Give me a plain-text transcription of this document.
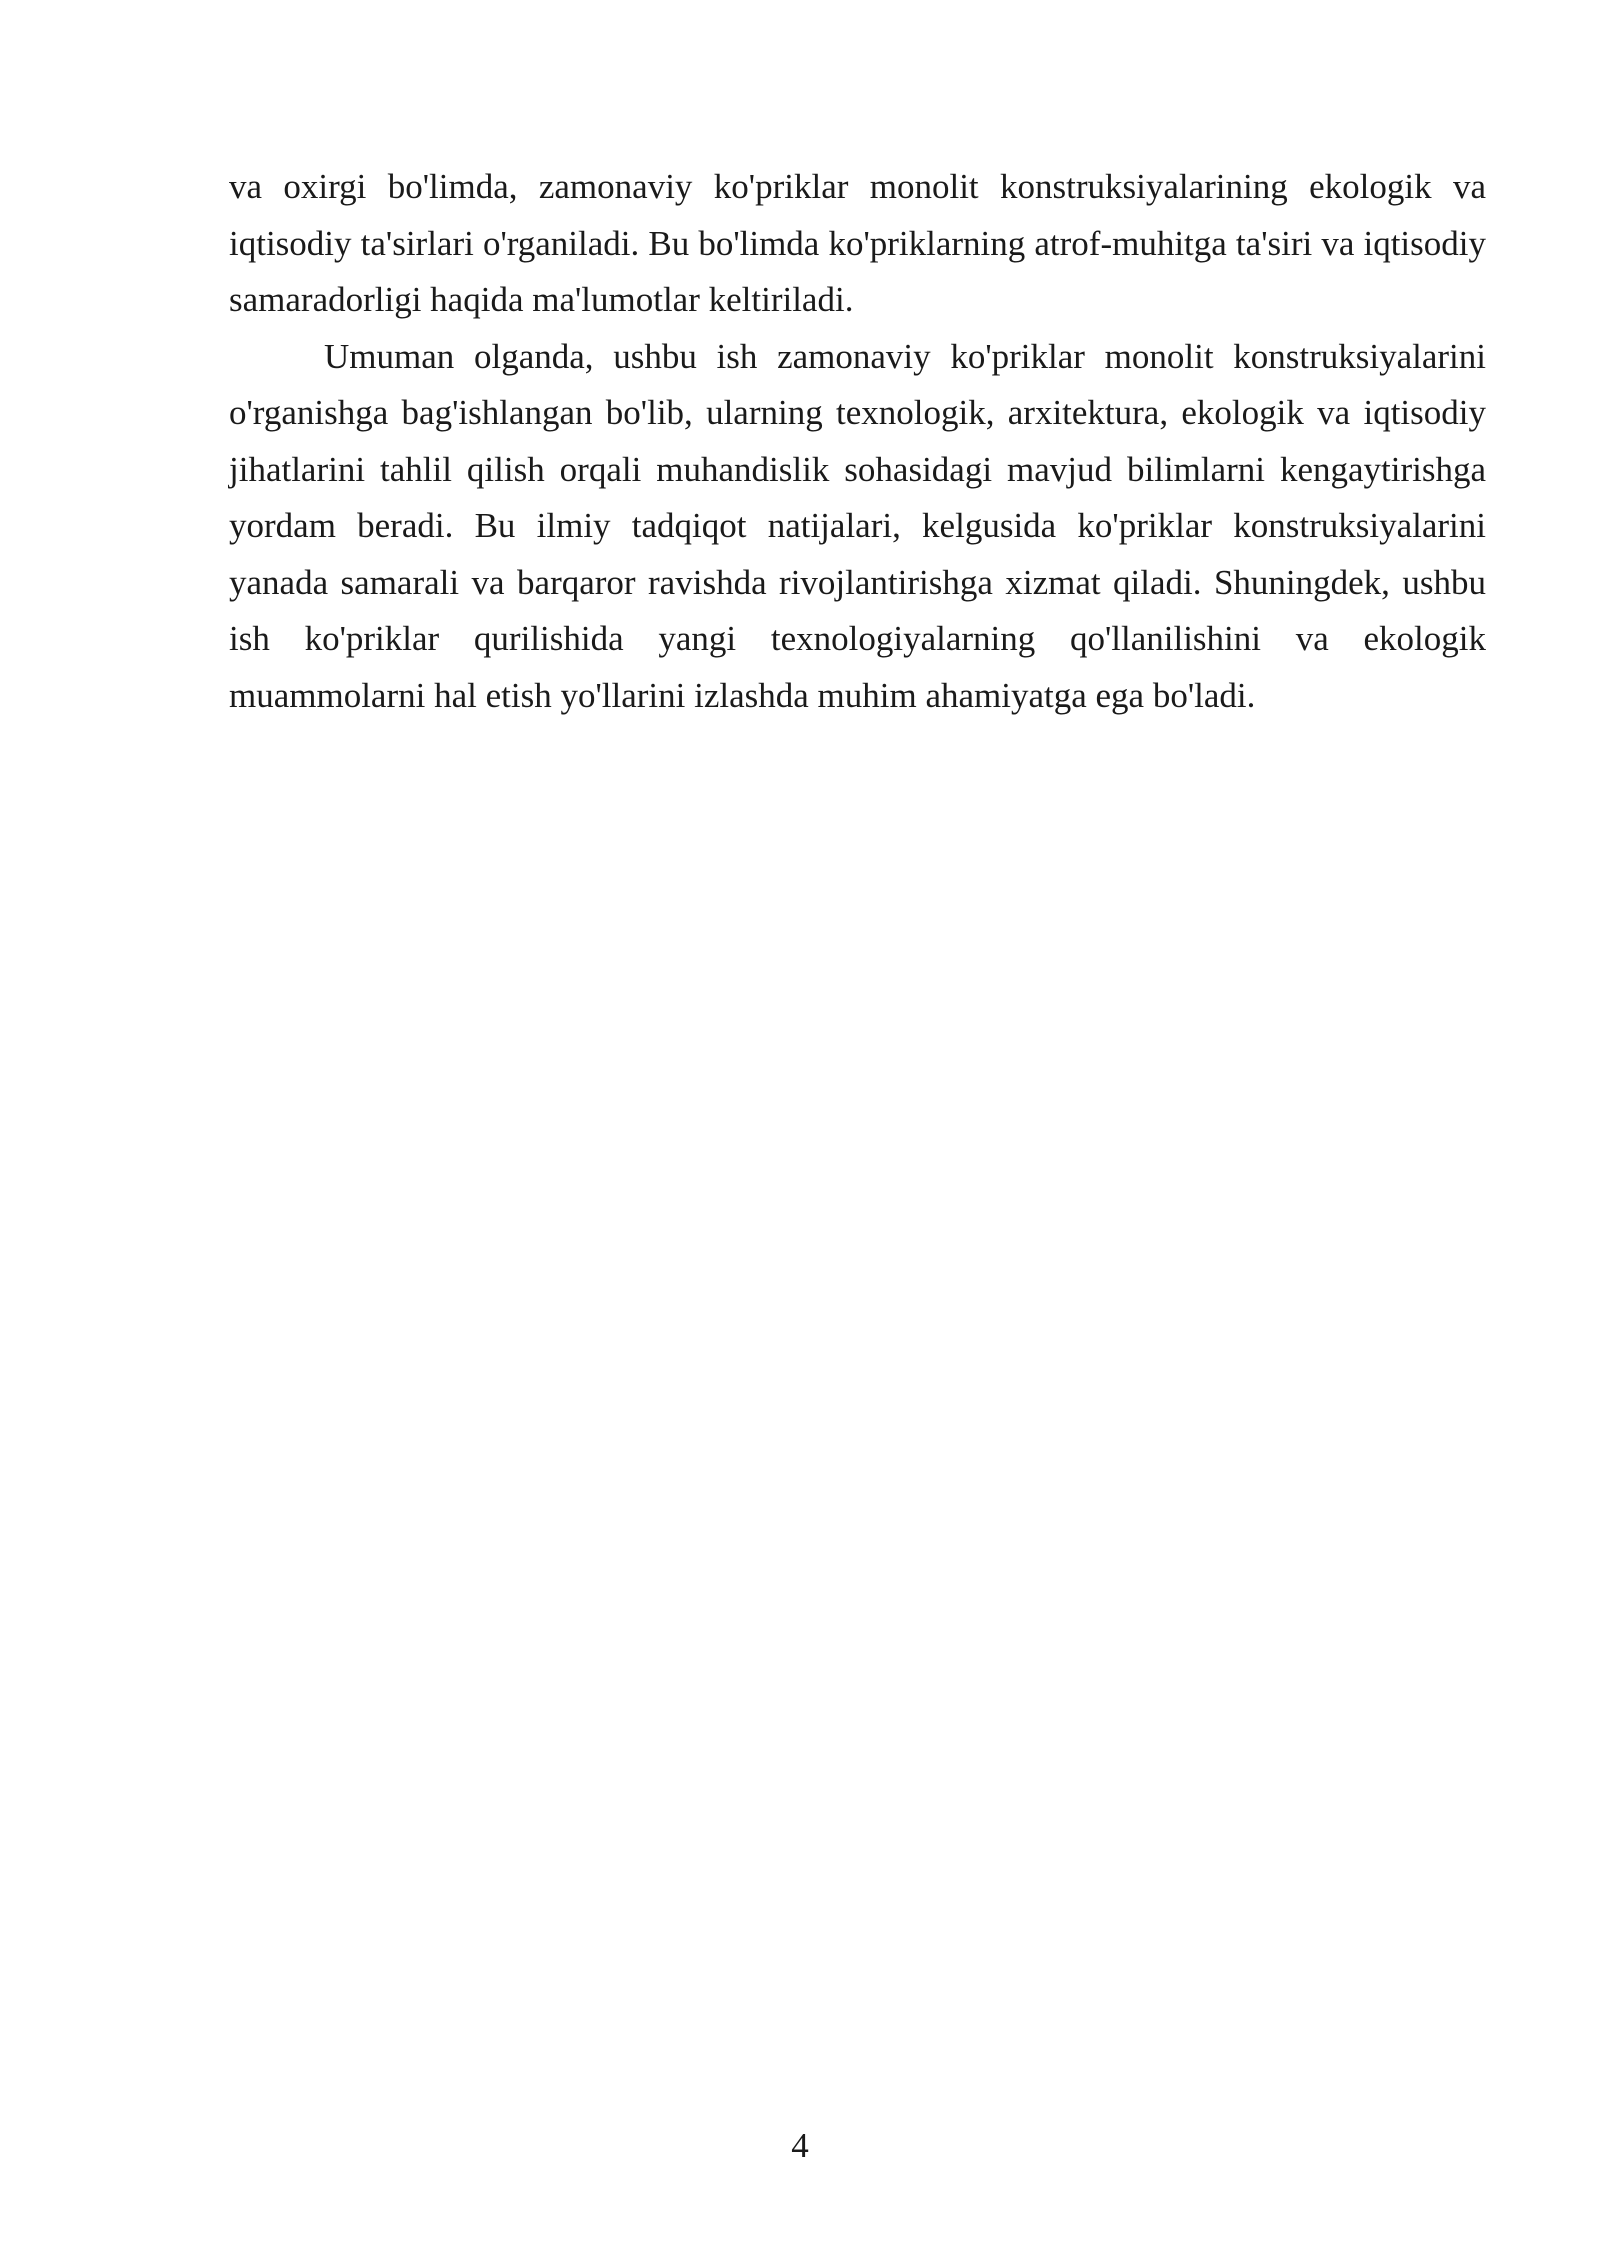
va oxirgi bo'limda, zamonaviy ko'priklar monolit konstruksiyalarining ekologik va iqtisodiy ta'sirlari o'rganiladi. Bu bo'limda ko'priklarning atrof-muhitga ta'siri va iqtisodiy samaradorligi haqida ma'lumotlar keltiriladi.

Umuman olganda, ushbu ish zamonaviy ko'priklar monolit konstruksiyalarini o'rganishga bag'ishlangan bo'lib, ularning texnologik, arxitektura, ekologik va iqtisodiy jihatlarini tahlil qilish orqali muhandislik sohasidagi mavjud bilimlarni kengaytirishga yordam beradi. Bu ilmiy tadqiqot natijalari, kelgusida ko'priklar konstruksiyalarini yanada samarali va barqaror ravishda rivojlantirishga xizmat qiladi. Shuningdek, ushbu ish ko'priklar qurilishida yangi texnologiyalarning qo'llanilishini va ekologik muammolarni hal etish yo'llarini izlashda muhim ahamiyatga ega bo'ladi.

4
